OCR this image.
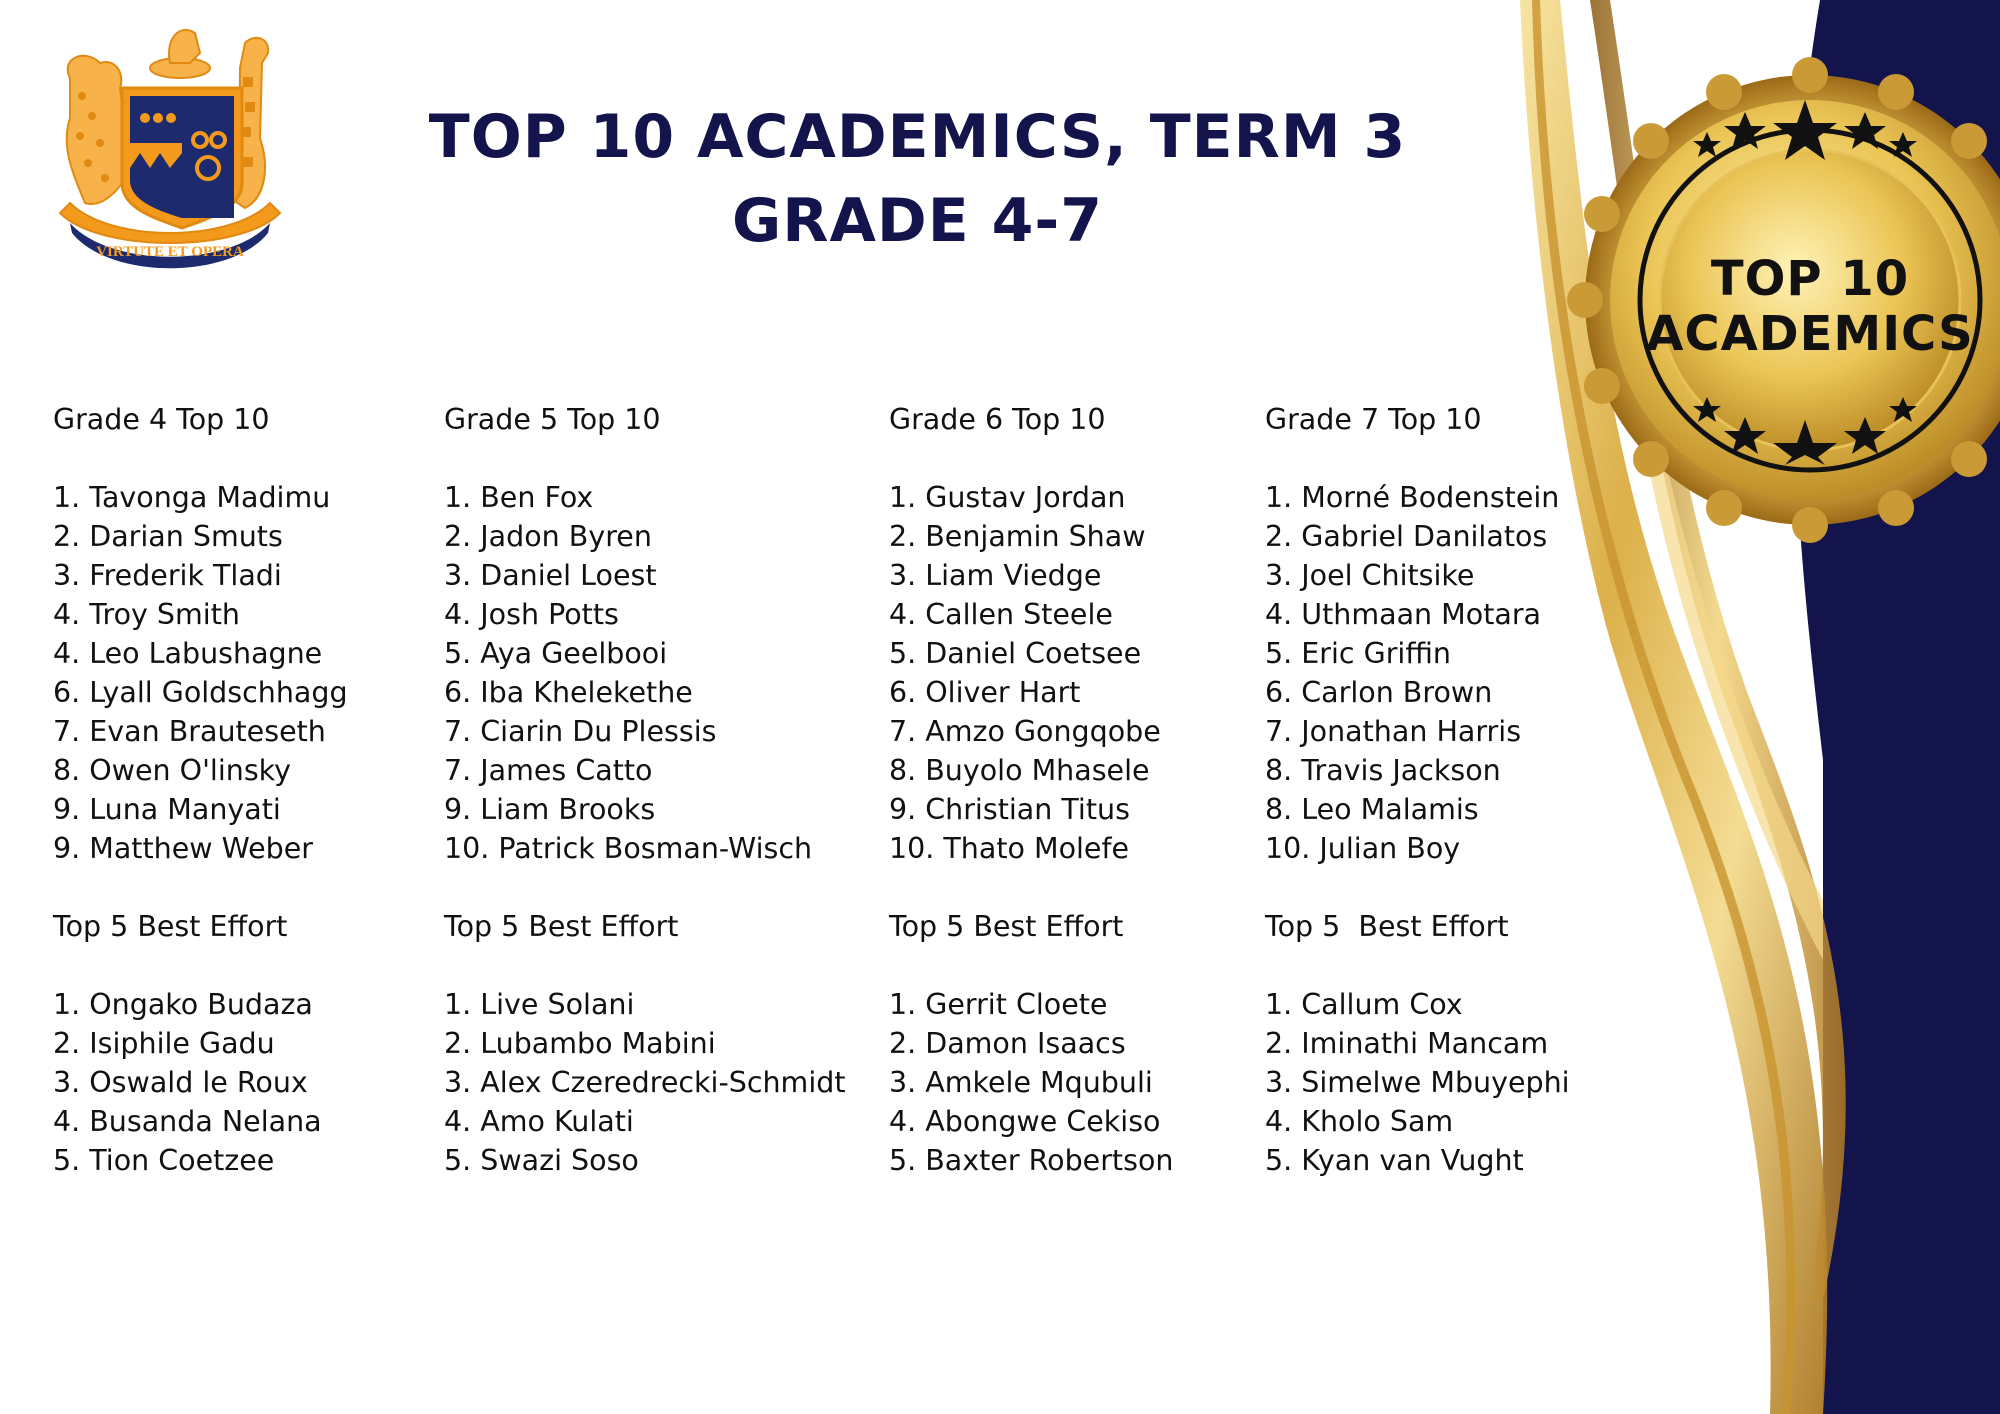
TOP 10
ACADEMICS
VIRTUTE ET OPERA
TOP 10 ACADEMICS, TERM 3
GRADE 4-7
Grade 4 Top 10
1. Tavonga Madimu
2. Darian Smuts
3. Frederik Tladi
4. Troy Smith
4. Leo Labushagne
6. Lyall Goldschhagg
7. Evan Brauteseth
8. Owen O'linsky
9. Luna Manyati
9. Matthew Weber
Top 5 Best Effort
1. Ongako Budaza
2. Isiphile Gadu
3. Oswald le Roux
4. Busanda Nelana
5. Tion Coetzee
Grade 5 Top 10
1. Ben Fox
2. Jadon Byren
3. Daniel Loest
4. Josh Potts
5. Aya Geelbooi
6. Iba Khelekethe
7. Ciarin Du Plessis
7. James Catto
9. Liam Brooks
10. Patrick Bosman-Wisch
Top 5 Best Effort
1. Live Solani
2. Lubambo Mabini
3. Alex Czeredrecki-Schmidt
4. Amo Kulati
5. Swazi Soso
Grade 6 Top 10
1. Gustav Jordan
2. Benjamin Shaw
3. Liam Viedge
4. Callen Steele
5. Daniel Coetsee
6. Oliver Hart
7. Amzo Gongqobe
8. Buyolo Mhasele
9. Christian Titus
10. Thato Molefe
Top 5 Best Effort
1. Gerrit Cloete
2. Damon Isaacs
3. Amkele Mqubuli
4. Abongwe Cekiso
5. Baxter Robertson
Grade 7 Top 10
1. Morné Bodenstein
2. Gabriel Danilatos
3. Joel Chitsike
4. Uthmaan Motara
5. Eric Griffin
6. Carlon Brown
7. Jonathan Harris
8. Travis Jackson
8. Leo Malamis
10. Julian Boy
Top 5  Best Effort
1. Callum Cox
2. Iminathi Mancam
3. Simelwe Mbuyephi
4. Kholo Sam
5. Kyan van Vught
